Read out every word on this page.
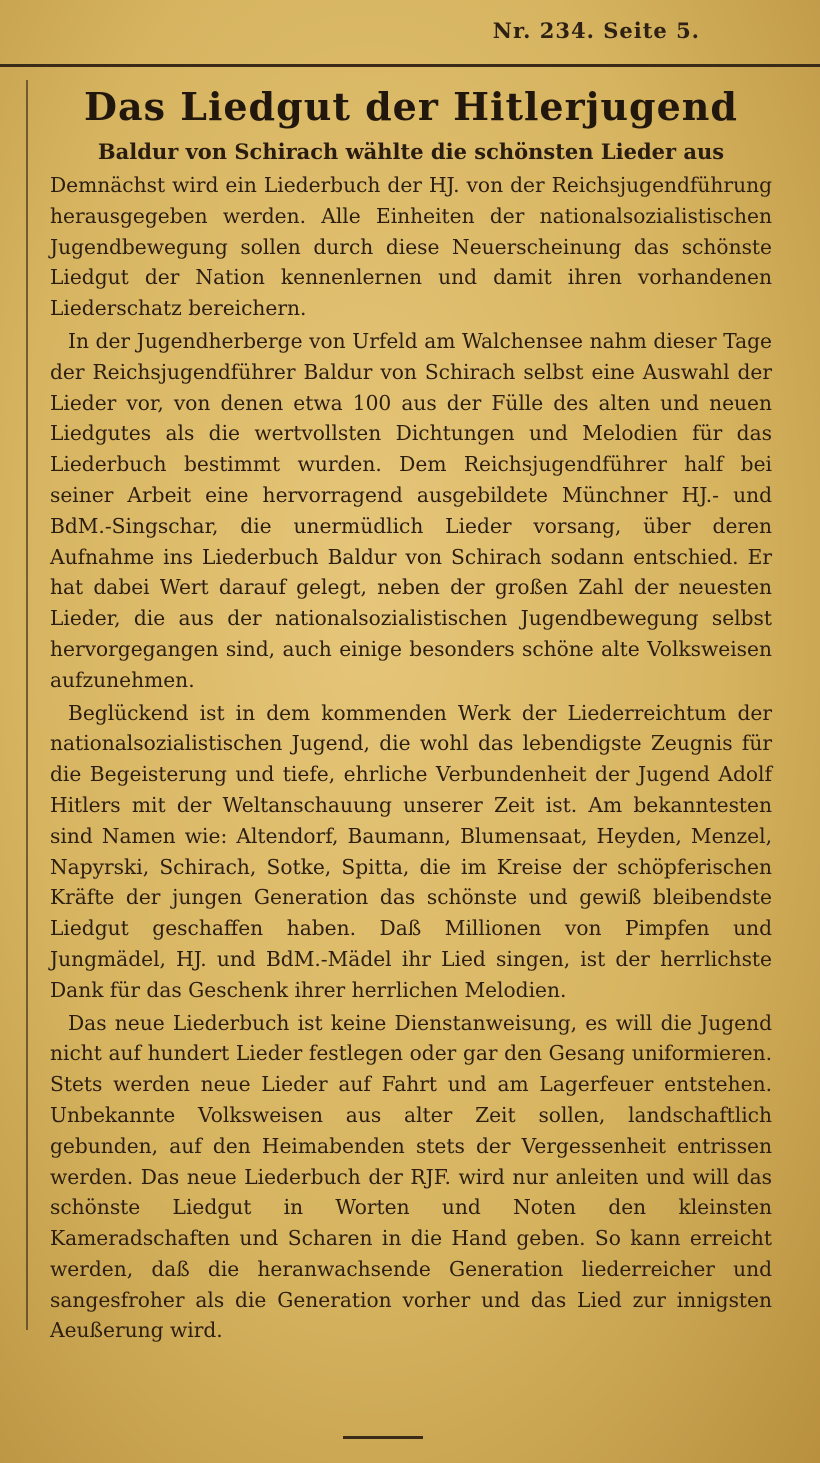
Nr. 234. Seite 5.
Das Liedgut der Hitlerjugend
Baldur von Schirach wählte die schönsten Lieder aus

Demnächst wird ein Liederbuch der HJ. von der Reichsjugendführung herausgegeben werden. Alle Einheiten der nationalsozialistischen Jugendbewegung sollen durch diese Neuerscheinung das schönste Liedgut der Nation kennenlernen und damit ihren vorhandenen Liederschatz bereichern.

In der Jugendherberge von Urfeld am Walchensee nahm dieser Tage der Reichsjugendführer Baldur von Schirach selbst eine Auswahl der Lieder vor, von denen etwa 100 aus der Fülle des alten und neuen Liedgutes als die wertvollsten Dichtungen und Melodien für das Liederbuch bestimmt wurden. Dem Reichsjugendführer half bei seiner Arbeit eine hervorragend ausgebildete Münchner HJ.- und BdM.-Singschar, die unermüdlich Lieder vorsang, über deren Aufnahme ins Liederbuch Baldur von Schirach sodann entschied. Er hat dabei Wert darauf gelegt, neben der großen Zahl der neuesten Lieder, die aus der nationalsozialistischen Jugendbewegung selbst hervorgegangen sind, auch einige besonders schöne alte Volksweisen aufzunehmen.

Beglückend ist in dem kommenden Werk der Liederreichtum der nationalsozialistischen Jugend, die wohl das lebendigste Zeugnis für die Begeisterung und tiefe, ehrliche Verbundenheit der Jugend Adolf Hitlers mit der Weltanschauung unserer Zeit ist. Am bekanntesten sind Namen wie: Altendorf, Baumann, Blumensaat, Heyden, Menzel, Napyrski, Schirach, Sotke, Spitta, die im Kreise der schöpferischen Kräfte der jungen Generation das schönste und gewiß bleibendste Liedgut geschaffen haben. Daß Millionen von Pimpfen und Jungmädel, HJ. und BdM.-Mädel ihr Lied singen, ist der herrlichste Dank für das Geschenk ihrer herrlichen Melodien.

Das neue Liederbuch ist keine Dienstanweisung, es will die Jugend nicht auf hundert Lieder festlegen oder gar den Gesang uniformieren. Stets werden neue Lieder auf Fahrt und am Lagerfeuer entstehen. Unbekannte Volksweisen aus alter Zeit sollen, landschaftlich gebunden, auf den Heimabenden stets der Vergessenheit entrissen werden. Das neue Liederbuch der RJF. wird nur anleiten und will das schönste Liedgut in Worten und Noten den kleinsten Kameradschaften und Scharen in die Hand geben. So kann erreicht werden, daß die heranwachsende Generation liederreicher und sangesfroher als die Generation vorher und das Lied zur innigsten Aeußerung wird.
